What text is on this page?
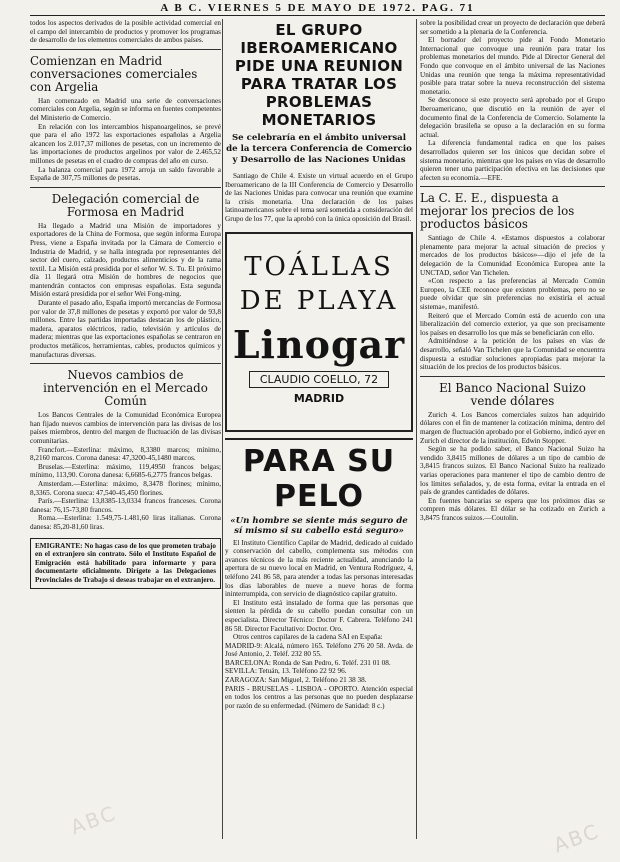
A B C. VIERNES 5 DE MAYO DE 1972. PAG. 71

todos los aspectos derivados de la posible actividad comercial en el campo del intercambio de productos y promover los programas de desarrollo de los elementos comerciales de ambos países.

Comienzan en Madrid conversaciones comerciales con Argelia

Han comenzado en Madrid una serie de conversaciones comerciales con Argelia, según se informa en fuentes competentes del Ministerio de Comercio.

En relación con los intercambios hispanoargelinos, se prevé que para el año 1972 las exportaciones españolas a Argelia alcancen los 2.017,37 millones de pesetas, con un incremento de las importaciones de productos argelinos por valor de 2.465,52 millones de pesetas en el cuadro de compras del año en curso.

La balanza comercial para 1972 arroja un saldo favorable a España de 307,75 millones de pesetas.

Delegación comercial de Formosa en Madrid

Ha llegado a Madrid una Misión de importadores y exportadores de la China de Formosa, que según informa Europa Press, viene a España invitada por la Cámara de Comercio e Industria de Madrid, y se halla integrada por representantes del sector del cuero, calzado, productos alimenticios y de la rama textil. La Misión está presidida por el señor W. S. Tu. El próximo día 11 llegará otra Misión de hombres de negocios que mantendrán contactos con empresas españolas. Esta segunda Misión estará presidida por el señor Wei Fong-ming.

Durante el pasado año, España importó mercancías de Formosa por valor de 37,8 millones de pesetas y exportó por valor de 93,8 millones. Entre las partidas importadas destacan los de plástico, madera, aparatos eléctricos, radio, televisión y artículos de madera; mientras que las exportaciones españolas se centraron en productos metálicos, herramientas, cables, productos químicos y manufacturas diversas.

Nuevos cambios de intervención en el Mercado Común

Los Bancos Centrales de la Comunidad Económica Europea han fijado nuevos cambios de intervención para las divisas de los países miembros, dentro del margen de fluctuación de las divisas comunitarias.

Francfort.—Esterlina: máximo, 8,3380 marcos; mínimo, 8,2160 marcos. Corona danesa: 47,3200-45,1480 marcos.

Bruselas.—Esterlina: máximo, 119,4950 francos belgas; mínimo, 113,90. Corona danesa: 6,6685-6,2775 francos belgas.

Amsterdam.—Esterlina: máximo, 8,3478 florines; mínimo, 8,3365. Corona sueca: 47,540-45,450 florines.

París.—Esterlina: 13,8385-13,0334 francos franceses. Corona danesa: 76,15-73,80 francos.

Roma.—Esterlina: 1.549,75-1.481,60 liras italianas. Corona danesa: 85,20-81,60 liras.

EMIGRANTE: No hagas caso de los que prometen trabajo en el extranjero sin contrato. Sólo el Instituto Español de Emigración está habilitado para informarte y para documentarte oficialmente. Dirígete a las Delegaciones Provinciales de Trabajo si deseas trabajar en el extranjero.

EL GRUPO IBEROAMERICANO PIDE UNA REUNION PARA TRATAR LOS PROBLEMAS MONETARIOS
Se celebraría en el ámbito universal de la tercera Conferencia de Comercio y Desarrollo de las Naciones Unidas

Santiago de Chile 4. Existe un virtual acuerdo en el Grupo Iberoamericano de la III Conferencia de Comercio y Desarrollo de las Naciones Unidas para convocar una reunión que examine la crisis monetaria. Una declaración de los países latinoamericanos sobre el tema será sometida a consideración del Grupo de los 77, que la aprobó con la única oposición del Brasil.

TOÁLLAS
DE PLAYA
Linogar
CLAUDIO COELLO, 72
MADRID
PARA SU PELO
«Un hombre se siente más seguro de sí mismo si su cabello está seguro»

El Instituto Científico Capilar de Madrid, dedicado al cuidado y conservación del cabello, complementa sus métodos con avances técnicos de la más reciente actualidad, anunciando la apertura de su nuevo local en Madrid, en Ventura Rodríguez, 4, teléfono 241 86 58, para atender a todas las personas interesadas los días laborables de nueve a nueve horas de forma ininterrumpida, con servicio de diagnóstico capilar gratuito.

El Instituto está instalado de forma que las personas que sienten la pérdida de su cabello puedan consultar con un especialista. Director Técnico: Doctor F. Cabrera. Teléfono 241 86 58. Director Facultativo: Doctor. Oro.

Otros centros capilares de la cadena SAI en España:

MADRID-9: Alcalá, número 165. Teléfono 276 20 58. Avda. de José Antonio, 2. Teléf. 232 80 55.

BARCELONA: Ronda de San Pedro, 6. Teléf. 231 01 08.

SEVILLA: Tetuán, 13. Teléfono 22 92 96.

ZARAGOZA: San Miguel, 2. Teléfono 21 38 38.

PARIS - BRUSELAS - LISBOA - OPORTO. Atención especial en todos los centros a las personas que no pueden desplazarse por razón de su enfermedad. (Número de Sanidad: 8 c.)

sobre la posibilidad crear un proyecto de declaración que deberá ser sometido a la plenaria de la Conferencia.

El borrador del proyecto pide al Fondo Monetario Internacional que convoque una reunión para tratar los problemas monetarios del mundo. Pide al Director General del Fondo que convoque en el ámbito universal de las Naciones Unidas una reunión que tenga la máxima representatividad posible para tratar sobre la nueva reconstrucción del sistema monetario.

Se desconoce si este proyecto será aprobado por el Grupo Iberoamericano, que discutió en la reunión de ayer el documento final de la Conferencia de Comercio. Solamente la delegación brasileña se opuso a la declaración en su forma actual.

La diferencia fundamental radica en que los países desarrollados quieren ser los únicos que decidan sobre el sistema monetario, mientras que los países en vías de desarrollo quieren tener una participación efectiva en las decisiones que afecten su economía.—EFE.

La C. E. E., dispuesta a mejorar los precios de los productos básicos

Santiago de Chile 4. «Estamos dispuestos a colaborar plenamente para mejorar la actual situación de precios y mercados de los productos básicos»—dijo el jefe de la delegación de la Comunidad Económica Europea ante la UNCTAD, señor Van Tichelen.

«Con respecto a las preferencias al Mercado Común Europeo, la CEE reconoce que existen problemas, pero no se puede olvidar que sin preferencias no existiría el actual sistema», manifestó.

Reiteró que el Mercado Común está de acuerdo con una liberalización del comercio exterior, ya que son precisamente los países en desarrollo los que más se beneficiarán con ello.

Admitiéndose a la petición de los países en vías de desarrollo, señaló Van Tichelen que la Comunidad se encuentra dispuesta a estudiar soluciones apropiadas para mejorar la situación de los precios de los productos básicos.

El Banco Nacional Suizo vende dólares

Zurich 4. Los Bancos comerciales suizos han adquirido dólares con el fin de mantener la cotización mínima, dentro del margen de fluctuación aprobado por el Gobierno, indicó ayer en Zurich el director de la institución, Edwin Stopper.

Según se ha podido saber, el Banco Nacional Suizo ha vendido 3,8415 millones de dólares a un tipo de cambio de 3,8415 francos suizos. El Banco Nacional Suizo ha realizado varias operaciones para mantener el tipo de cambio dentro de los límites señalados, y, de esta forma, evitar la entrada en el país de grandes cantidades de dólares.

En fuentes bancarias se espera que los próximos días se compren más dólares. El dólar se ha cotizado en Zurich a 3,8475 francos suizos.—Coutolin.

ABC	ABC
